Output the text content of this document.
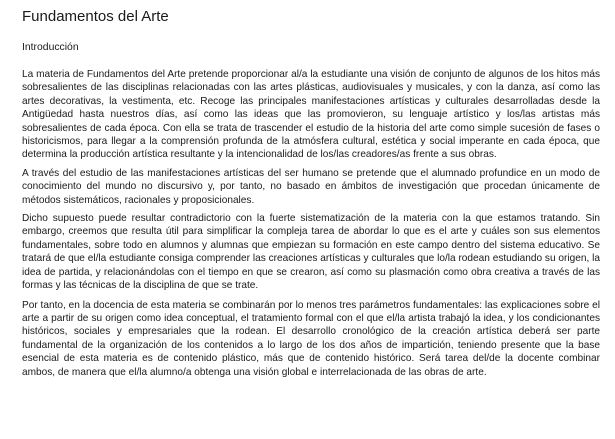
Fundamentos del Arte
Introducción

La materia de Fundamentos del Arte pretende proporcionar al/a la estudiante una visión de conjunto de algunos de los hitos más sobresalientes de las disciplinas relacionadas con las artes plásticas, audiovisuales y musicales, y con la danza, así como las artes decorativas, la vestimenta, etc. Recoge las principales manifestaciones artísticas y culturales desarrolladas desde la Antigüedad hasta nuestros días, así como las ideas que las promovieron, su lenguaje artístico y los/las artistas más sobresalientes de cada época. Con ella se trata de trascender el estudio de la historia del arte como simple sucesión de fases o historicismos, para llegar a la comprensión profunda de la atmósfera cultural, estética y social imperante en cada época, que determina la producción artística resultante y la intencionalidad de los/las creadores/as frente a sus obras.

A través del estudio de las manifestaciones artísticas del ser humano se pretende que el alumnado profundice en un modo de conocimiento del mundo no discursivo y, por tanto, no basado en ámbitos de investigación que procedan únicamente de métodos sistemáticos, racionales y proposicionales.

Dicho supuesto puede resultar contradictorio con la fuerte sistematización de la materia con la que estamos tratando. Sin embargo, creemos que resulta útil para simplificar la compleja tarea de abordar lo que es el arte y cuáles son sus elementos fundamentales, sobre todo en alumnos y alumnas que empiezan su formación en este campo dentro del sistema educativo. Se tratará de que el/la estudiante consiga comprender las creaciones artísticas y culturales que lo/la rodean estudiando su origen, la idea de partida, y relacionándolas con el tiempo en que se crearon, así como su plasmación como obra creativa a través de las formas y las técnicas de la disciplina de que se trate.

Por tanto, en la docencia de esta materia se combinarán por lo menos tres parámetros fundamentales: las explicaciones sobre el arte a partir de su origen como idea conceptual, el tratamiento formal con el que el/la artista trabajó la idea, y los condicionantes históricos, sociales y empresariales que la rodean. El desarrollo cronológico de la creación artística deberá ser parte fundamental de la organización de los contenidos a lo largo de los dos años de impartición, teniendo presente que la base esencial de esta materia es de contenido plástico, más que de contenido histórico. Será tarea del/de la docente combinar ambos, de manera que el/la alumno/a obtenga una visión global e interrelacionada de las obras de arte.
